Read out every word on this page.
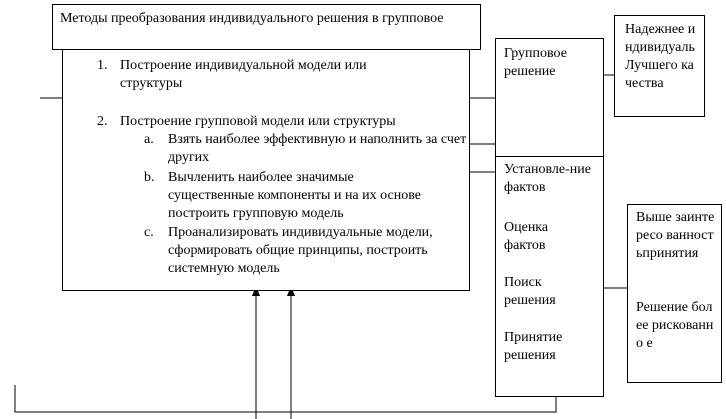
Методы преобразования индивидуального решения в групповое
1. Построение индивидуальной модели или структуры
2. Построение групповой модели или структуры
a. Взять наиболее эффективную и наполнить за счет других
b. Вычленить наиболее значимые существенные компоненты и на их основе построить групповую модель
c. Проанализировать индивидуальные модели, сформировать общие принципы, построить системную модель
Групповое решение
Установле-ние фактов
Оценка фактов
Поиск решения
Принятие решения
Надежнее индивидуаль Лучшего качества
Выше заинтересо ванност ьпринятия
Решение более рискованно е
